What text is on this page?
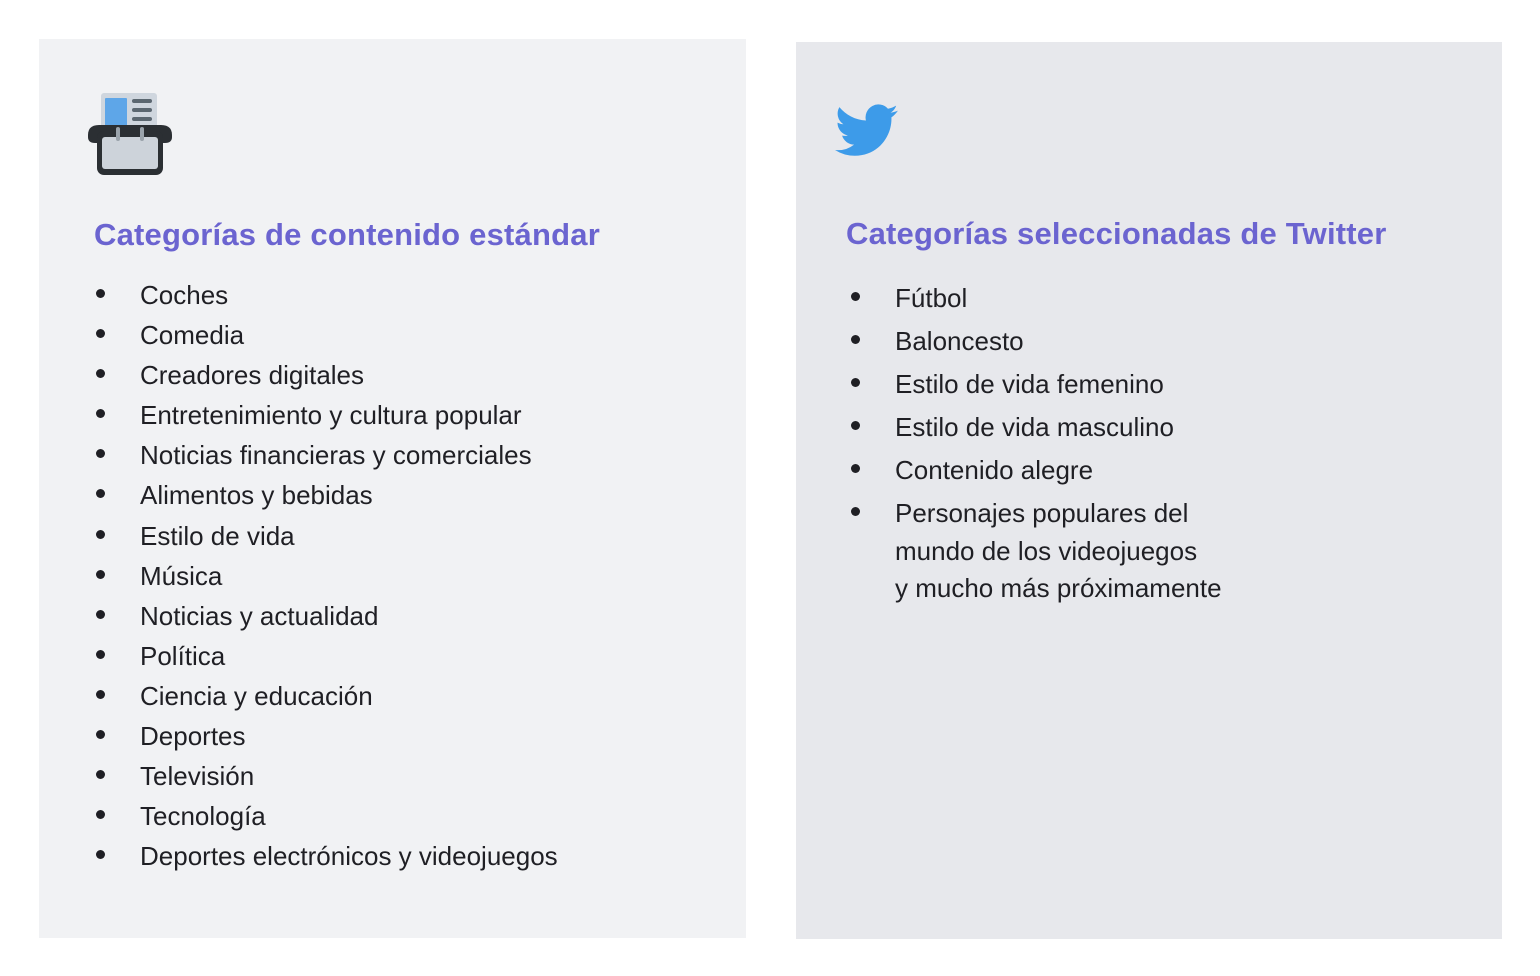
Categorías de contenido estándar
Coches
Comedia
Creadores digitales
Entretenimiento y cultura popular
Noticias financieras y comerciales
Alimentos y bebidas
Estilo de vida
Música
Noticias y actualidad
Política
Ciencia y educación
Deportes
Televisión
Tecnología
Deportes electrónicos y videojuegos
Categorías seleccionadas de Twitter
Fútbol
Baloncesto
Estilo de vida femenino
Estilo de vida masculino
Contenido alegre
Personajes populares del
mundo de los videojuegos
y mucho más próximamente
